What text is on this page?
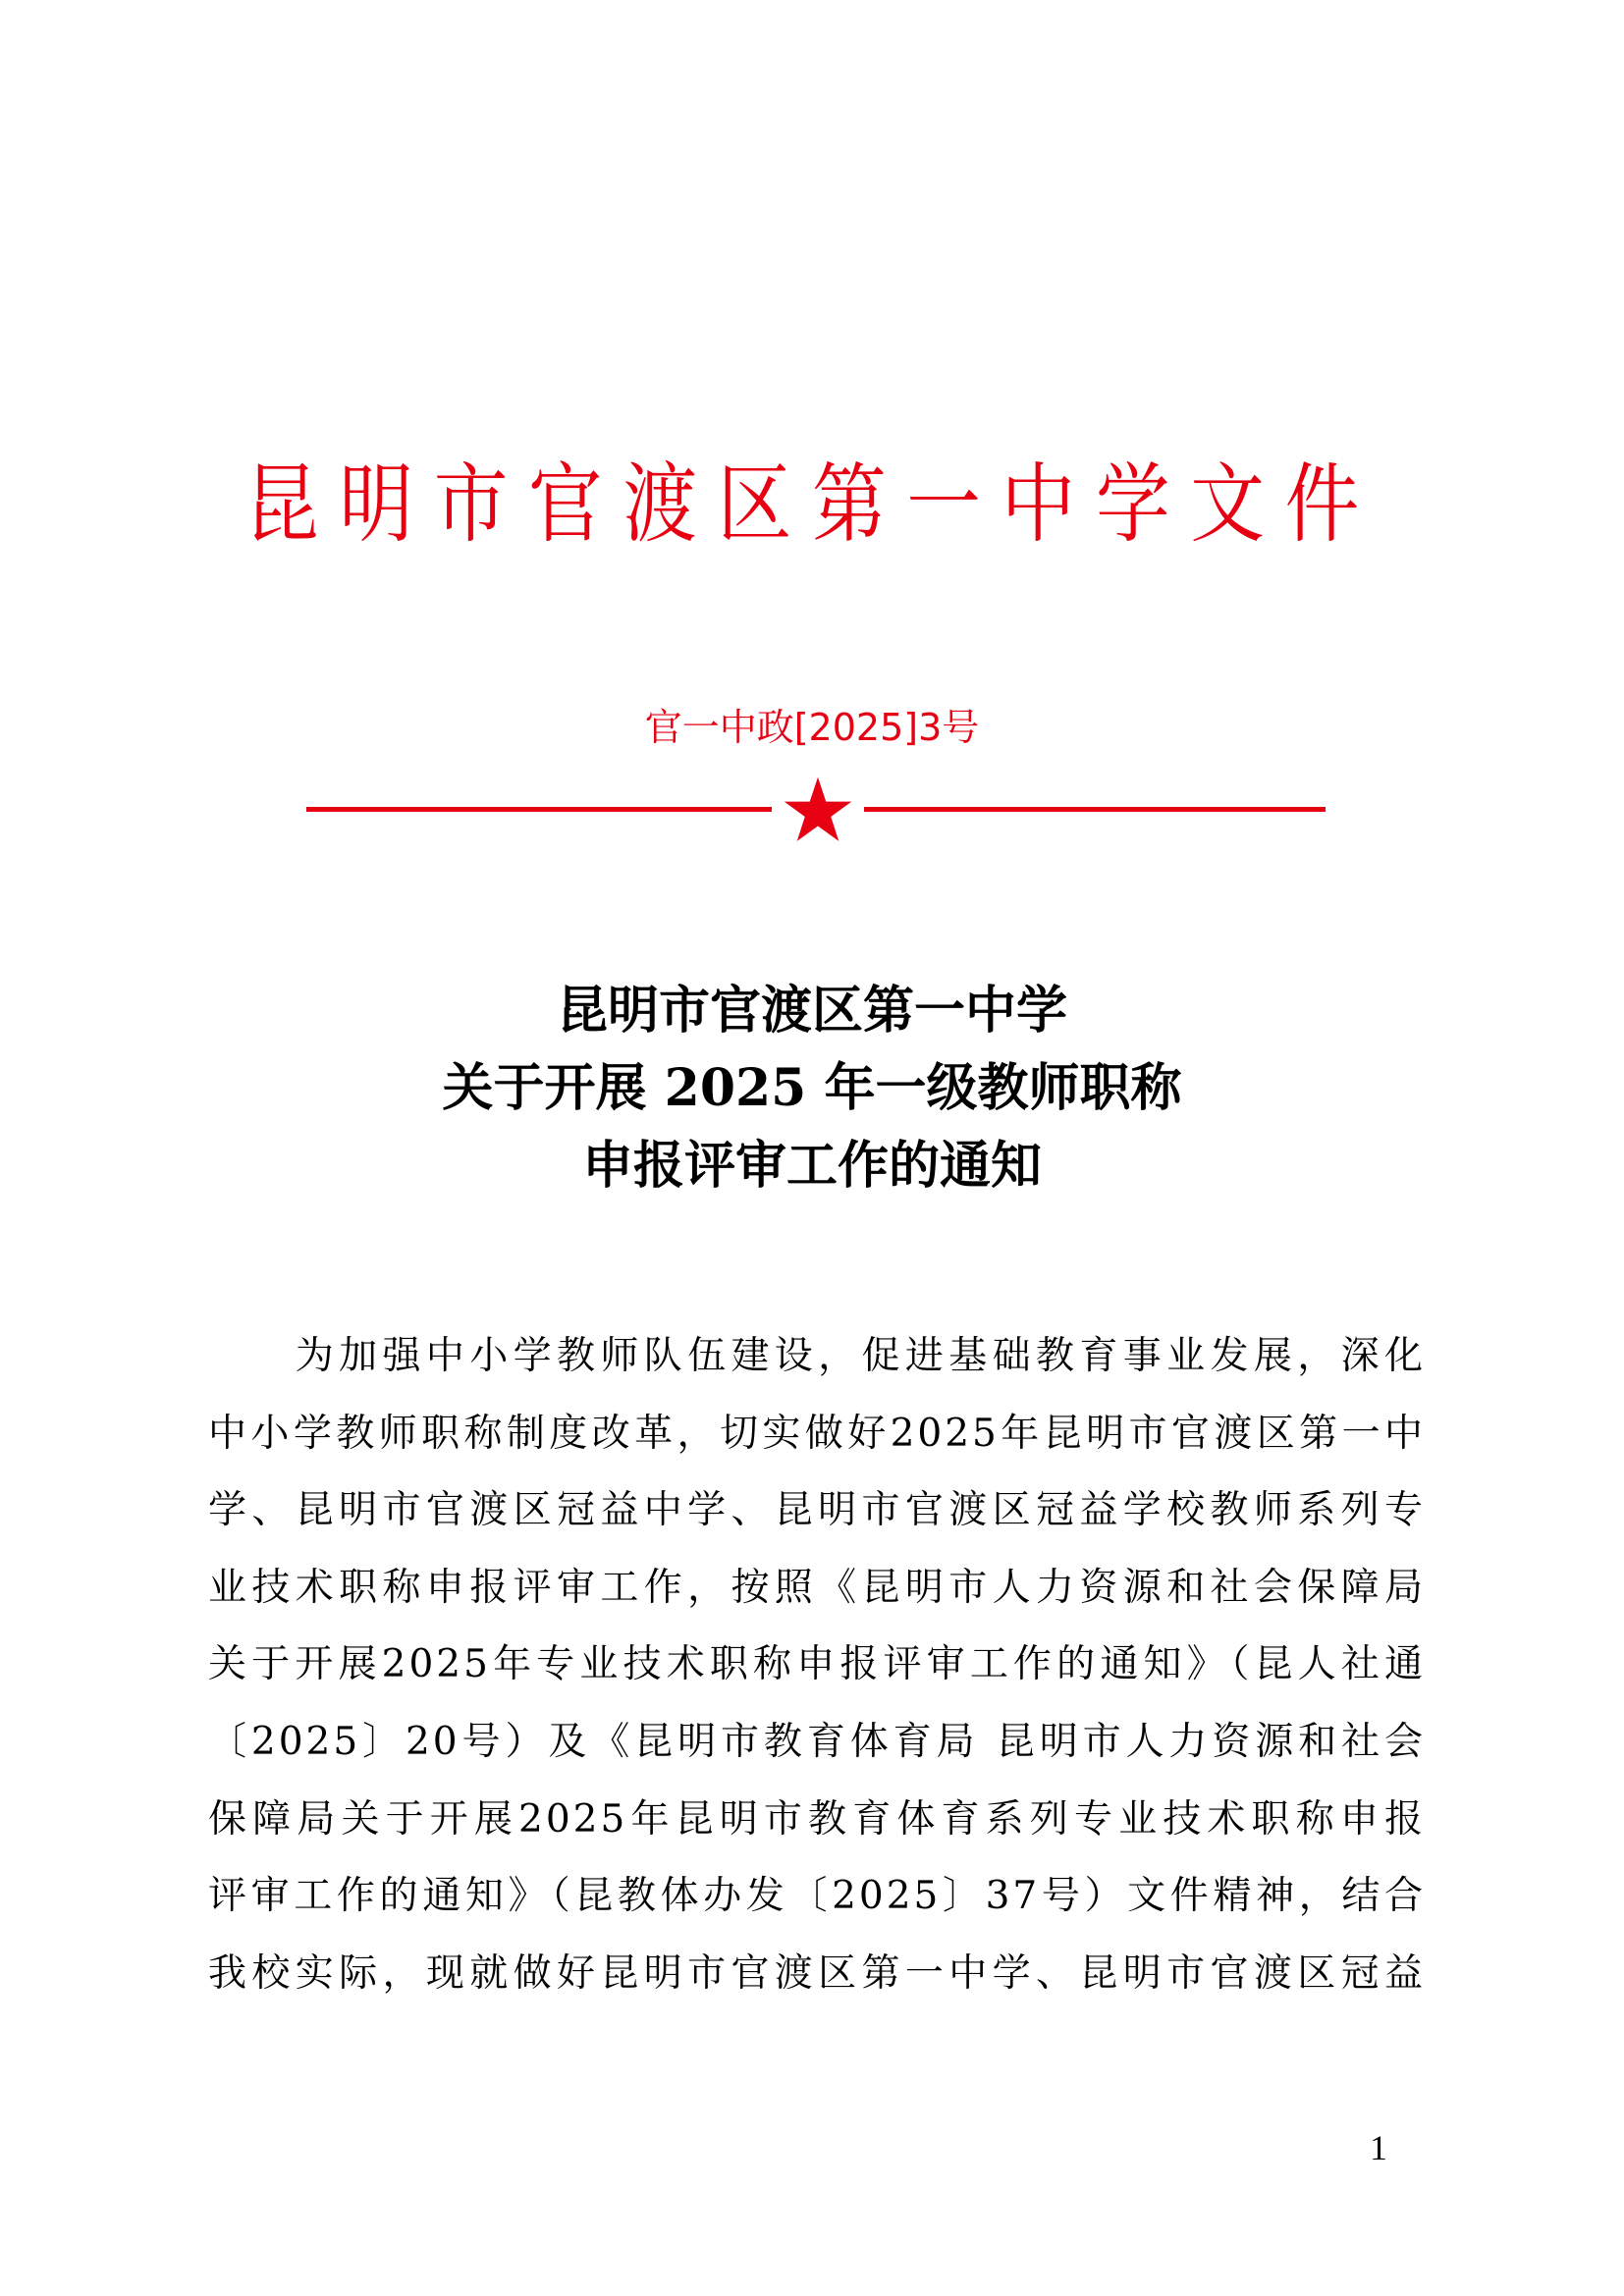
昆明市官渡区第一中学文件
官一中政[2025]3号
昆明市官渡区第一中学
关于开展 2025 年一级教师职称
申报评审工作的通知
　　为加强中小学教师队伍建设，促进基础教育事业发展，深化
中小学教师职称制度改革，切实做好2025年昆明市官渡区第一中
学、昆明市官渡区冠益中学、昆明市官渡区冠益学校教师系列专
业技术职称申报评审工作，按照《昆明市人力资源和社会保障局
关于开展2025年专业技术职称申报评审工作的通知》（昆人社通
〔2025〕20号）及《昆明市教育体育局 昆明市人力资源和社会
保障局关于开展2025年昆明市教育体育系列专业技术职称申报
评审工作的通知》（昆教体办发〔2025〕37号）文件精神，结合
我校实际，现就做好昆明市官渡区第一中学、昆明市官渡区冠益
1
